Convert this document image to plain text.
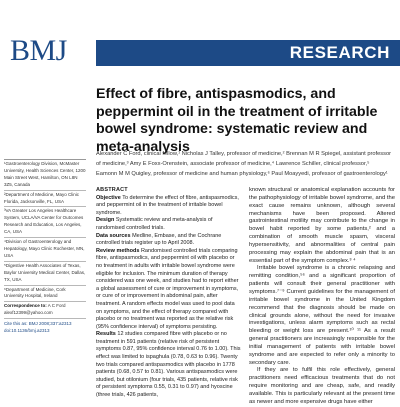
BMJ	RESEARCH
Effect of fibre, antispasmodics, and peppermint oil in the treatment of irritable bowel syndrome: systematic review and meta-analysis

Alexander C Ford, clinical fellow,¹ Nicholas J Talley, professor of medicine,² Brennan M R Spiegel, assistant professor of medicine,³ Amy E Foxx-Orenstein, associate professor of medicine,⁴ Lawrence Schiller, clinical professor,⁵ Eamonn M M Quigley, professor of medicine and human physiology,⁶ Paul Moayyedi, professor of gastroenterology¹

¹Gastroenterology Division, McMaster University, Health Sciences Center, 1200 Main Street West, Hamilton, ON L8N 3Z5, Canada
²Department of Medicine, Mayo Clinic Florida, Jacksonville, FL, USA
³VA Greater Los Angeles Healthcare System, UCLA/VA Center for Outcomes Research and Education, Los Angeles, CA, USA
⁴Division of Gastroenterology and Hepatology, Mayo Clinic Rochester, MN, USA
⁵Digestive Health Associates of Texas, Baylor University Medical Center, Dallas, TX, USA
⁶Department of Medicine, Cork University Hospital, Ireland
Correspondence to: A C Ford alexf12399@yahoo.com
Cite this as: BMJ 2008;337:a2313 doi:10.1136/bmj.a2313
ABSTRACT

Objective To determine the effect of fibre, antispasmodics, and peppermint oil in the treatment of irritable bowel syndrome.

Design Systematic review and meta-analysis of randomised controlled trials.

Data sources Medline, Embase, and the Cochrane controlled trials register up to April 2008.

Review methods Randomised controlled trials comparing fibre, antispasmodics, and peppermint oil with placebo or no treatment in adults with irritable bowel syndrome were eligible for inclusion. The minimum duration of therapy considered was one week, and studies had to report either a global assessment of cure or improvement in symptoms, or cure of or improvement in abdominal pain, after treatment. A random effects model was used to pool data on symptoms, and the effect of therapy compared with placebo or no treatment was reported as the relative risk (95% confidence interval) of symptoms persisting.

Results 12 studies compared fibre with placebo or no treatment in 591 patients (relative risk of persistent symptoms 0.87, 95% confidence interval 0.76 to 1.00). This effect was limited to ispaghula (0.78, 0.63 to 0.96). Twenty two trials compared antispasmodics with placebo in 1778 patients (0.68, 0.57 to 0.81). Various antispasmodics were studied, but otilonium (four trials, 435 patients, relative risk of persistent symptoms 0.55, 0.31 to 0.97) and hyoscine (three trials, 426 patients,

known structural or anatomical explanation accounts for the pathophysiology of irritable bowel syndrome, and the exact cause remains unknown, although several mechanisms have been proposed. Altered gastrointestinal motility may contribute to the change in bowel habit reported by some patients,² and a combination of smooth muscle spasm, visceral hypersensitivity, and abnormalities of central pain processing may explain the abdominal pain that is an essential part of the symptom complex.³ ⁴

Irritable bowel syndrome is a chronic relapsing and remitting condition,⁵⁶ and a significant proportion of patients will consult their general practitioner with symptoms.⁷⁻⁹ Current guidelines for the management of irritable bowel syndrome in the United Kingdom recommend that the diagnosis should be made on clinical grounds alone, without the need for invasive investigations, unless alarm symptoms such as rectal bleeding or weight loss are present.¹⁰ ¹¹ As a result general practitioners are increasingly responsible for the initial management of patients with irritable bowel syndrome and are expected to refer only a minority to secondary care.

If they are to fulfil this role effectively, general practitioners need efficacious treatments that do not require monitoring and are cheap, safe, and readily available. This is particularly relevant at the present time as newer and more expensive drugs have either
